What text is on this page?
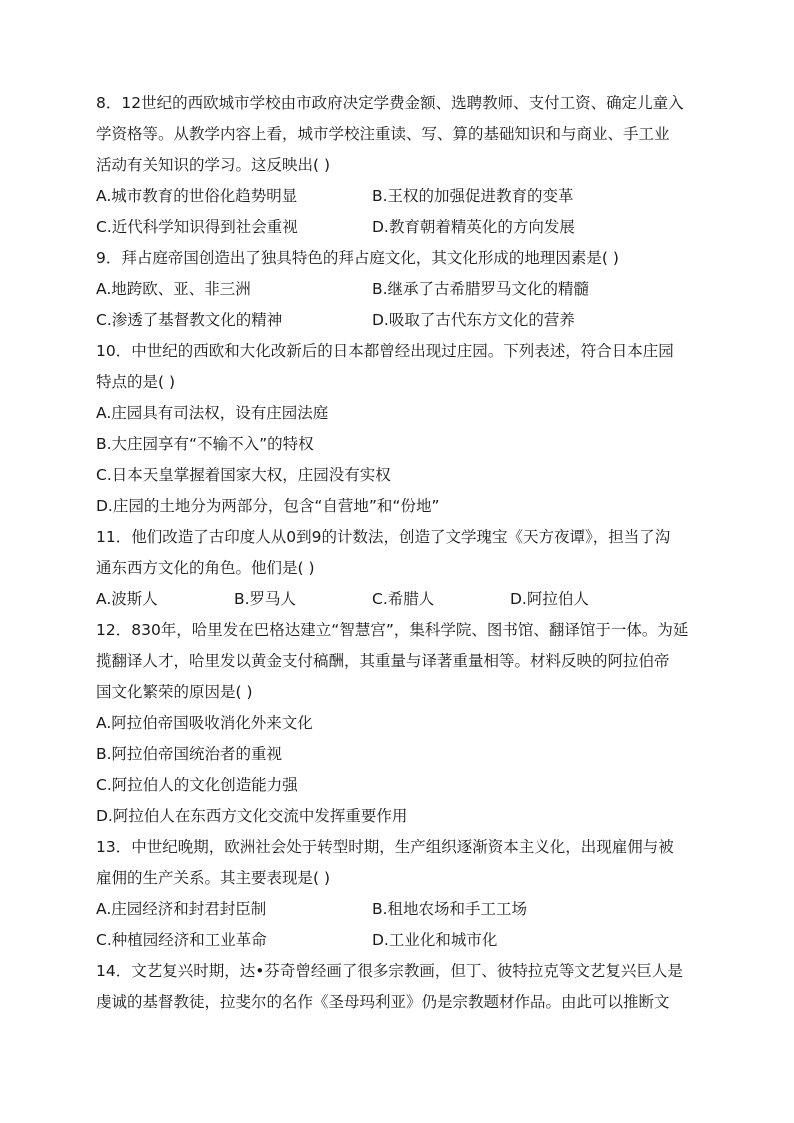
8．12世纪的西欧城市学校由市政府决定学费金额、选聘教师、支付工资、确定儿童入
学资格等。从教学内容上看，城市学校注重读、写、算的基础知识和与商业、手工业
活动有关知识的学习。这反映出( )
A.城市教育的世俗化趋势明显	B.王权的加强促进教育的变革
C.近代科学知识得到社会重视	D.教育朝着精英化的方向发展
9．拜占庭帝国创造出了独具特色的拜占庭文化，其文化形成的地理因素是( )
A.地跨欧、亚、非三洲	B.继承了古希腊罗马文化的精髓
C.渗透了基督教文化的精神	D.吸取了古代东方文化的营养
10．中世纪的西欧和大化改新后的日本都曾经出现过庄园。下列表述，符合日本庄园
特点的是( )
A.庄园具有司法权，设有庄园法庭
B.大庄园享有“不输不入”的特权
C.日本天皇掌握着国家大权，庄园没有实权
D.庄园的土地分为两部分，包含“自营地”和“份地”
11．他们改造了古印度人从0到9的计数法，创造了文学瑰宝《天方夜谭》，担当了沟
通东西方文化的角色。他们是( )
A.波斯人	B.罗马人	C.希腊人	D.阿拉伯人
12．830年，哈里发在巴格达建立“智慧宫”，集科学院、图书馆、翻译馆于一体。为延
揽翻译人才，哈里发以黄金支付稿酬，其重量与译著重量相等。材料反映的阿拉伯帝
国文化繁荣的原因是( )
A.阿拉伯帝国吸收消化外来文化
B.阿拉伯帝国统治者的重视
C.阿拉伯人的文化创造能力强
D.阿拉伯人在东西方文化交流中发挥重要作用
13．中世纪晚期，欧洲社会处于转型时期，生产组织逐渐资本主义化，出现雇佣与被
雇佣的生产关系。其主要表现是( )
A.庄园经济和封君封臣制	B.租地农场和手工工场
C.种植园经济和工业革命	D.工业化和城市化
14．文艺复兴时期，达•芬奇曾经画了很多宗教画，但丁、彼特拉克等文艺复兴巨人是
虔诚的基督教徒，拉斐尔的名作《圣母玛利亚》仍是宗教题材作品。由此可以推断文
